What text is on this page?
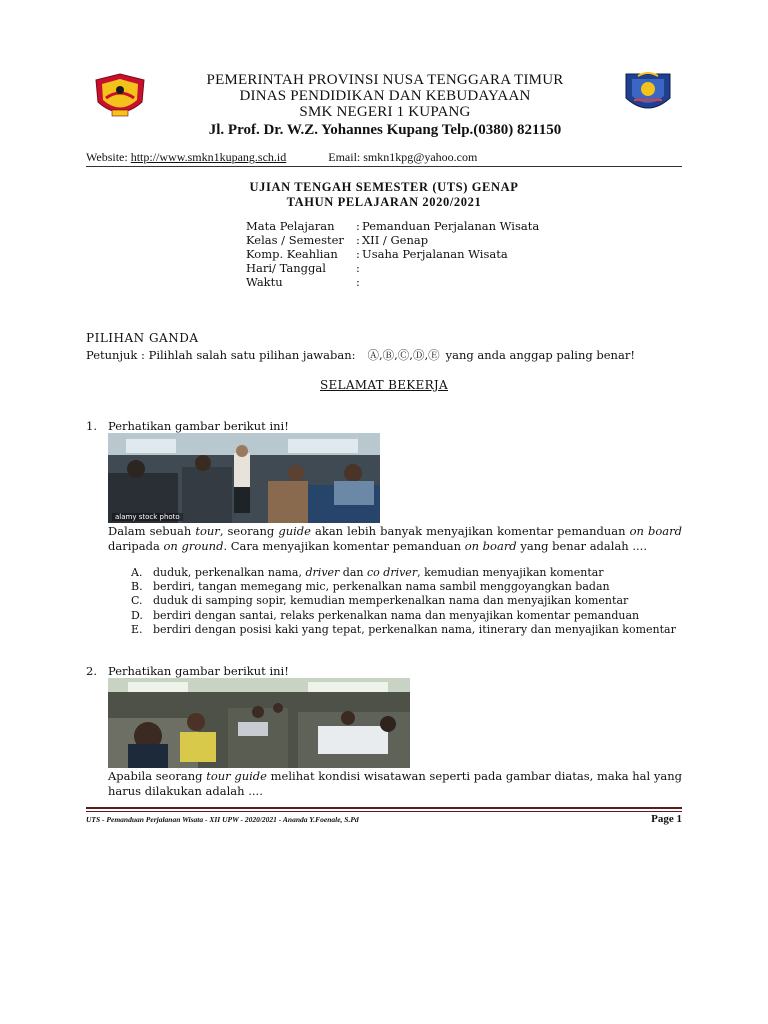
PEMERINTAH PROVINSI NUSA TENGGARA TIMUR
DINAS PENDIDIKAN DAN KEBUDAYAAN
SMK NEGERI 1 KUPANG
Jl. Prof. Dr. W.Z. Yohannes Kupang Telp.(0380) 821150
Website: http://www.smkn1kupang.sch.id	Email: smkn1kpg@yahoo.com
UJIAN TENGAH SEMESTER (UTS) GENAP
TAHUN PELAJARAN 2020/2021
Mata Pelajaran : Pemanduan Perjalanan Wisata
Kelas / Semester :XII / Genap
Komp. Keahlian : Usaha Perjalanan Wisata
Hari/ Tanggal	:
Waktu	:
PILIHAN GANDA
Petunjuk : Pilihlah salah satu pilihan jawaban: Ⓐ,Ⓑ,Ⓒ,Ⓓ,Ⓔ yang anda anggap paling benar!
SELAMAT BEKERJA
1. Perhatikan gambar berikut ini!
alamy stock photo
Dalam sebuah tour, seorang guide akan lebih banyak menyajikan komentar pemanduan on board daripada on ground. Cara menyajikan komentar pemanduan on board yang benar adalah ....
A. duduk, perkenalkan nama, driver dan co driver, kemudian menyajikan komentar
B. berdiri, tangan memegang mic, perkenalkan nama sambil menggoyangkan badan
C. duduk di samping sopir, kemudian memperkenalkan nama dan menyajikan komentar
D. berdiri dengan santai, relaks perkenalkan nama dan menyajikan komentar pemanduan
E. berdiri dengan posisi kaki yang tepat, perkenalkan nama, itinerary dan menyajikan komentar
2. Perhatikan gambar berikut ini!
Apabila seorang tour guide melihat kondisi wisatawan seperti pada gambar diatas, maka hal yang harus dilakukan adalah ....
UTS - Pemanduan Perjalanan Wisata - XII UPW - 2020/2021 - Ananda Y.Foenale, S.Pd	Page 1
